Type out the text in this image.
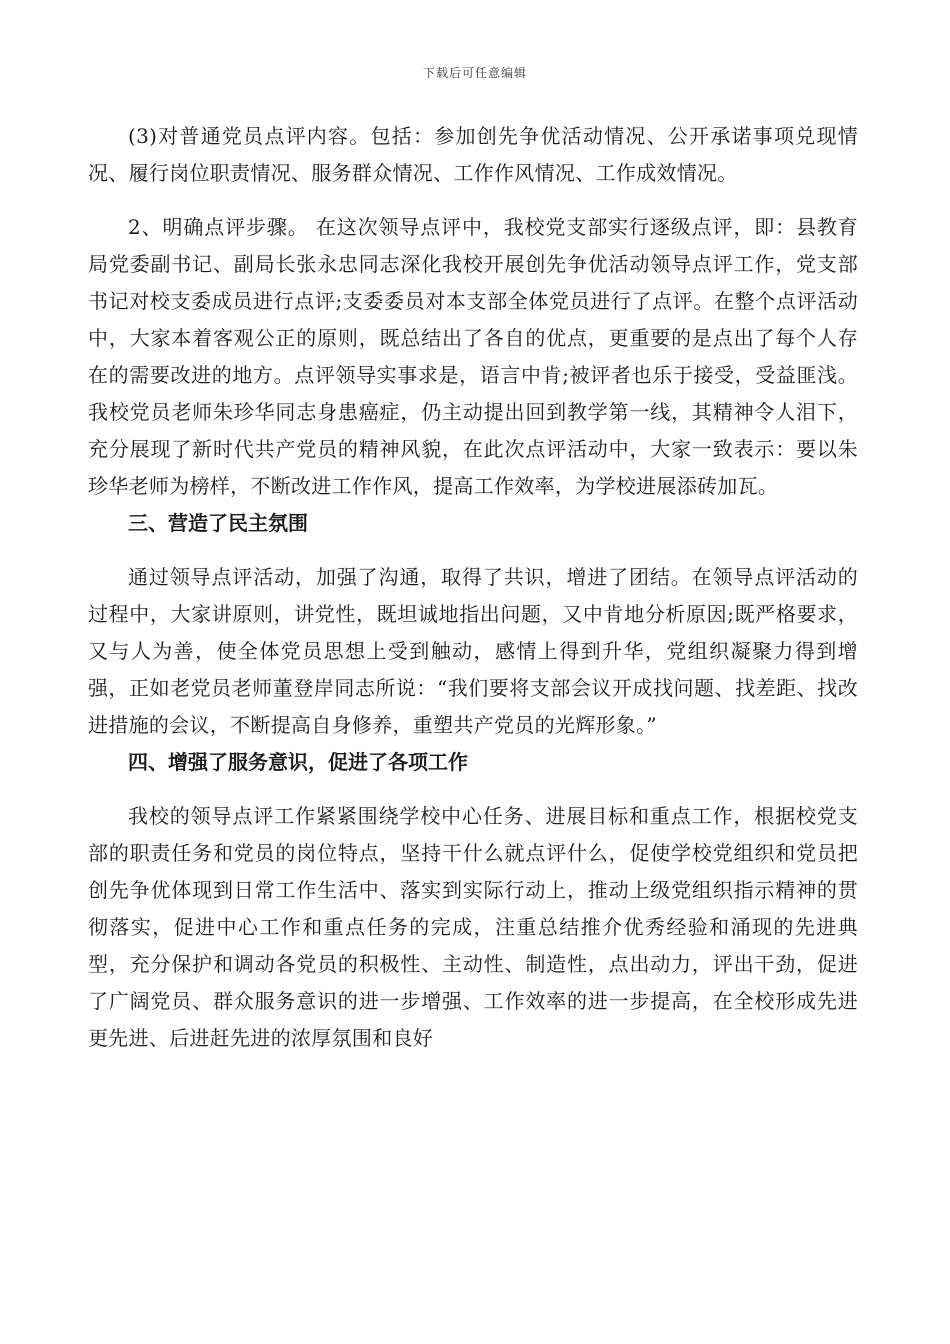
下载后可任意编辑

(3)对普通党员点评内容。包括：参加创先争优活动情况、公开承诺事项兑现情况、履行岗位职责情况、服务群众情况、工作作风情况、工作成效情况。

2、明确点评步骤。 在这次领导点评中，我校党支部实行逐级点评，即：县教育局党委副书记、副局长张永忠同志深化我校开展创先争优活动领导点评工作，党支部书记对校支委成员进行点评;支委委员对本支部全体党员进行了点评。在整个点评活动中，大家本着客观公正的原则，既总结出了各自的优点，更重要的是点出了每个人存在的需要改进的地方。点评领导实事求是，语言中肯;被评者也乐于接受，受益匪浅。我校党员老师朱珍华同志身患癌症，仍主动提出回到教学第一线，其精神令人泪下，充分展现了新时代共产党员的精神风貌，在此次点评活动中，大家一致表示：要以朱珍华老师为榜样，不断改进工作作风，提高工作效率，为学校进展添砖加瓦。

三、营造了民主氛围

通过领导点评活动，加强了沟通，取得了共识，增进了团结。在领导点评活动的过程中，大家讲原则，讲党性，既坦诚地指出问题，又中肯地分析原因;既严格要求，又与人为善，使全体党员思想上受到触动，感情上得到升华，党组织凝聚力得到增强，正如老党员老师董登岸同志所说：“我们要将支部会议开成找问题、找差距、找改进措施的会议，不断提高自身修养，重塑共产党员的光辉形象。”

四、增强了服务意识，促进了各项工作

我校的领导点评工作紧紧围绕学校中心任务、进展目标和重点工作，根据校党支部的职责任务和党员的岗位特点，坚持干什么就点评什么，促使学校党组织和党员把创先争优体现到日常工作生活中、落实到实际行动上，推动上级党组织指示精神的贯彻落实，促进中心工作和重点任务的完成，注重总结推介优秀经验和涌现的先进典型，充分保护和调动各党员的积极性、主动性、制造性，点出动力，评出干劲，促进了广阔党员、群众服务意识的进一步增强、工作效率的进一步提高，在全校形成先进更先进、后进赶先进的浓厚氛围和良好
